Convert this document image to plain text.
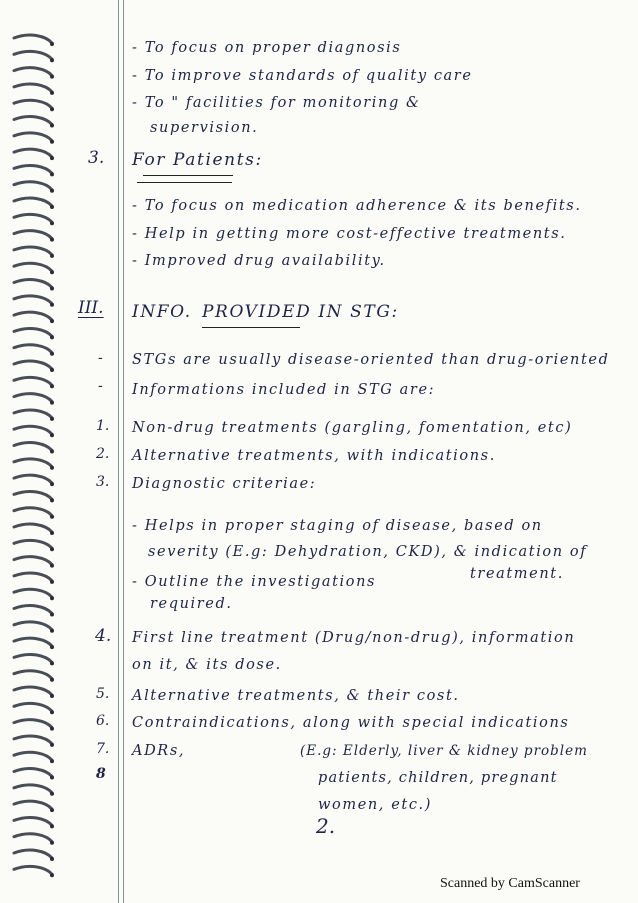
- To focus on proper diagnosis
- To improve standards of quality care
- To " facilities for monitoring &
supervision.
3. For Patients:
- To focus on medication adherence & its benefits.
- Help in getting more cost-effective treatments.
- Improved drug availability.
III. INFO. PROVIDED IN STG:
- STGs are usually disease-oriented than drug-oriented
- Informations included in STG are:
1. Non-drug treatments (gargling, fomentation, etc)
2. Alternative treatments, with indications.
3. Diagnostic criteriae:
- Helps in proper staging of disease, based on
severity (E.g: Dehydration, CKD), & indication of
treatment.
- Outline the investigations
required.
4. First line treatment (Drug/non-drug), information
on it, & its dose.
5. Alternative treatments, & their cost.
6. Contraindications, along with special indications
7. ADRs,
8
(E.g: Elderly, liver & kidney problem
patients, children, pregnant
women, etc.)
2.
Scanned by CamScanner
